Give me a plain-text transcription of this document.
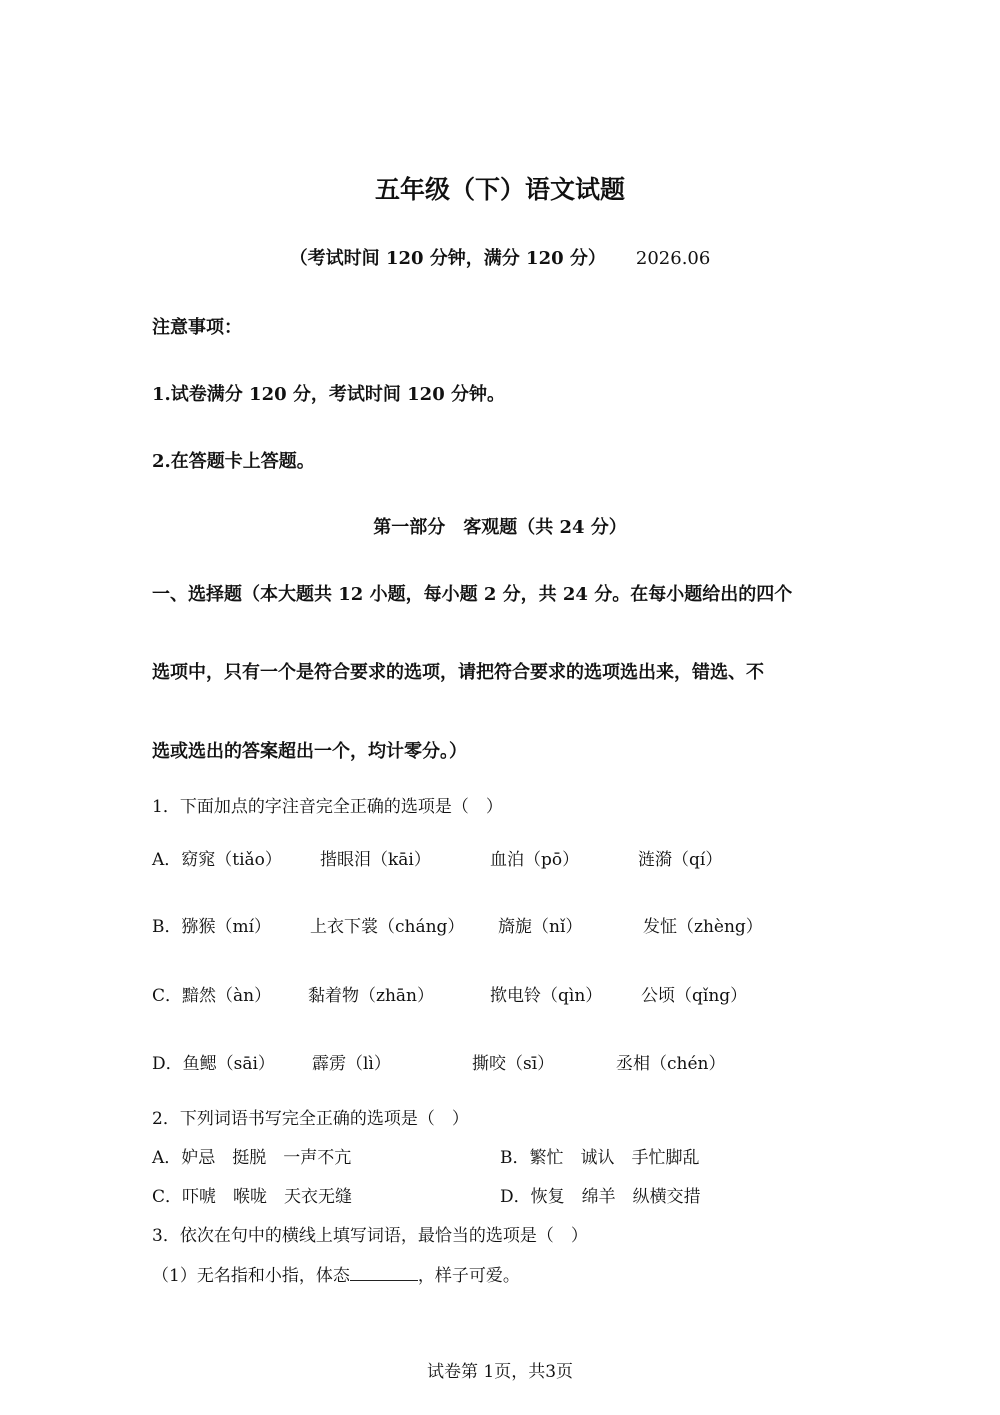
五年级（下）语文试题
（考试时间 120 分钟，满分 120 分） 2026.06
注意事项：
1.试卷满分 120 分，考试时间 120 分钟。
2.在答题卡上答题。
第一部分　客观题（共 24 分）
一、选择题（本大题共 12 小题，每小题 2 分，共 24 分。在每小题给出的四个
选项中，只有一个是符合要求的选项，请把符合要求的选项选出来，错选、不
选或选出的答案超出一个，均计零分。）
1．下面加点的字注音完全正确的选项是（　）
A．窈窕（tiǎo） 揩眼泪（kāi）	血泊（pō）	涟漪（qí）
B．猕猴（mí） 上衣下裳（cháng） 旖旎（nǐ）	发怔（zhèng）
C．黯然（àn） 黏着物（zhān）	揿电铃（qìn） 公顷（qǐng）
D．鱼鳃（sāi） 霹雳（lì）	撕咬（sī）	丞相（chén）
2．下列词语书写完全正确的选项是（　）
A．妒忌　挺脱　一声不亢	B．繁忙　诚认　手忙脚乱
C．吓唬　喉咙　天衣无缝	D．恢复　绵羊　纵横交措
3．依次在句中的横线上填写词语，最恰当的选项是（　）
（1）无名指和小指，体态	，样子可爱。
试卷第 1页，共3页
